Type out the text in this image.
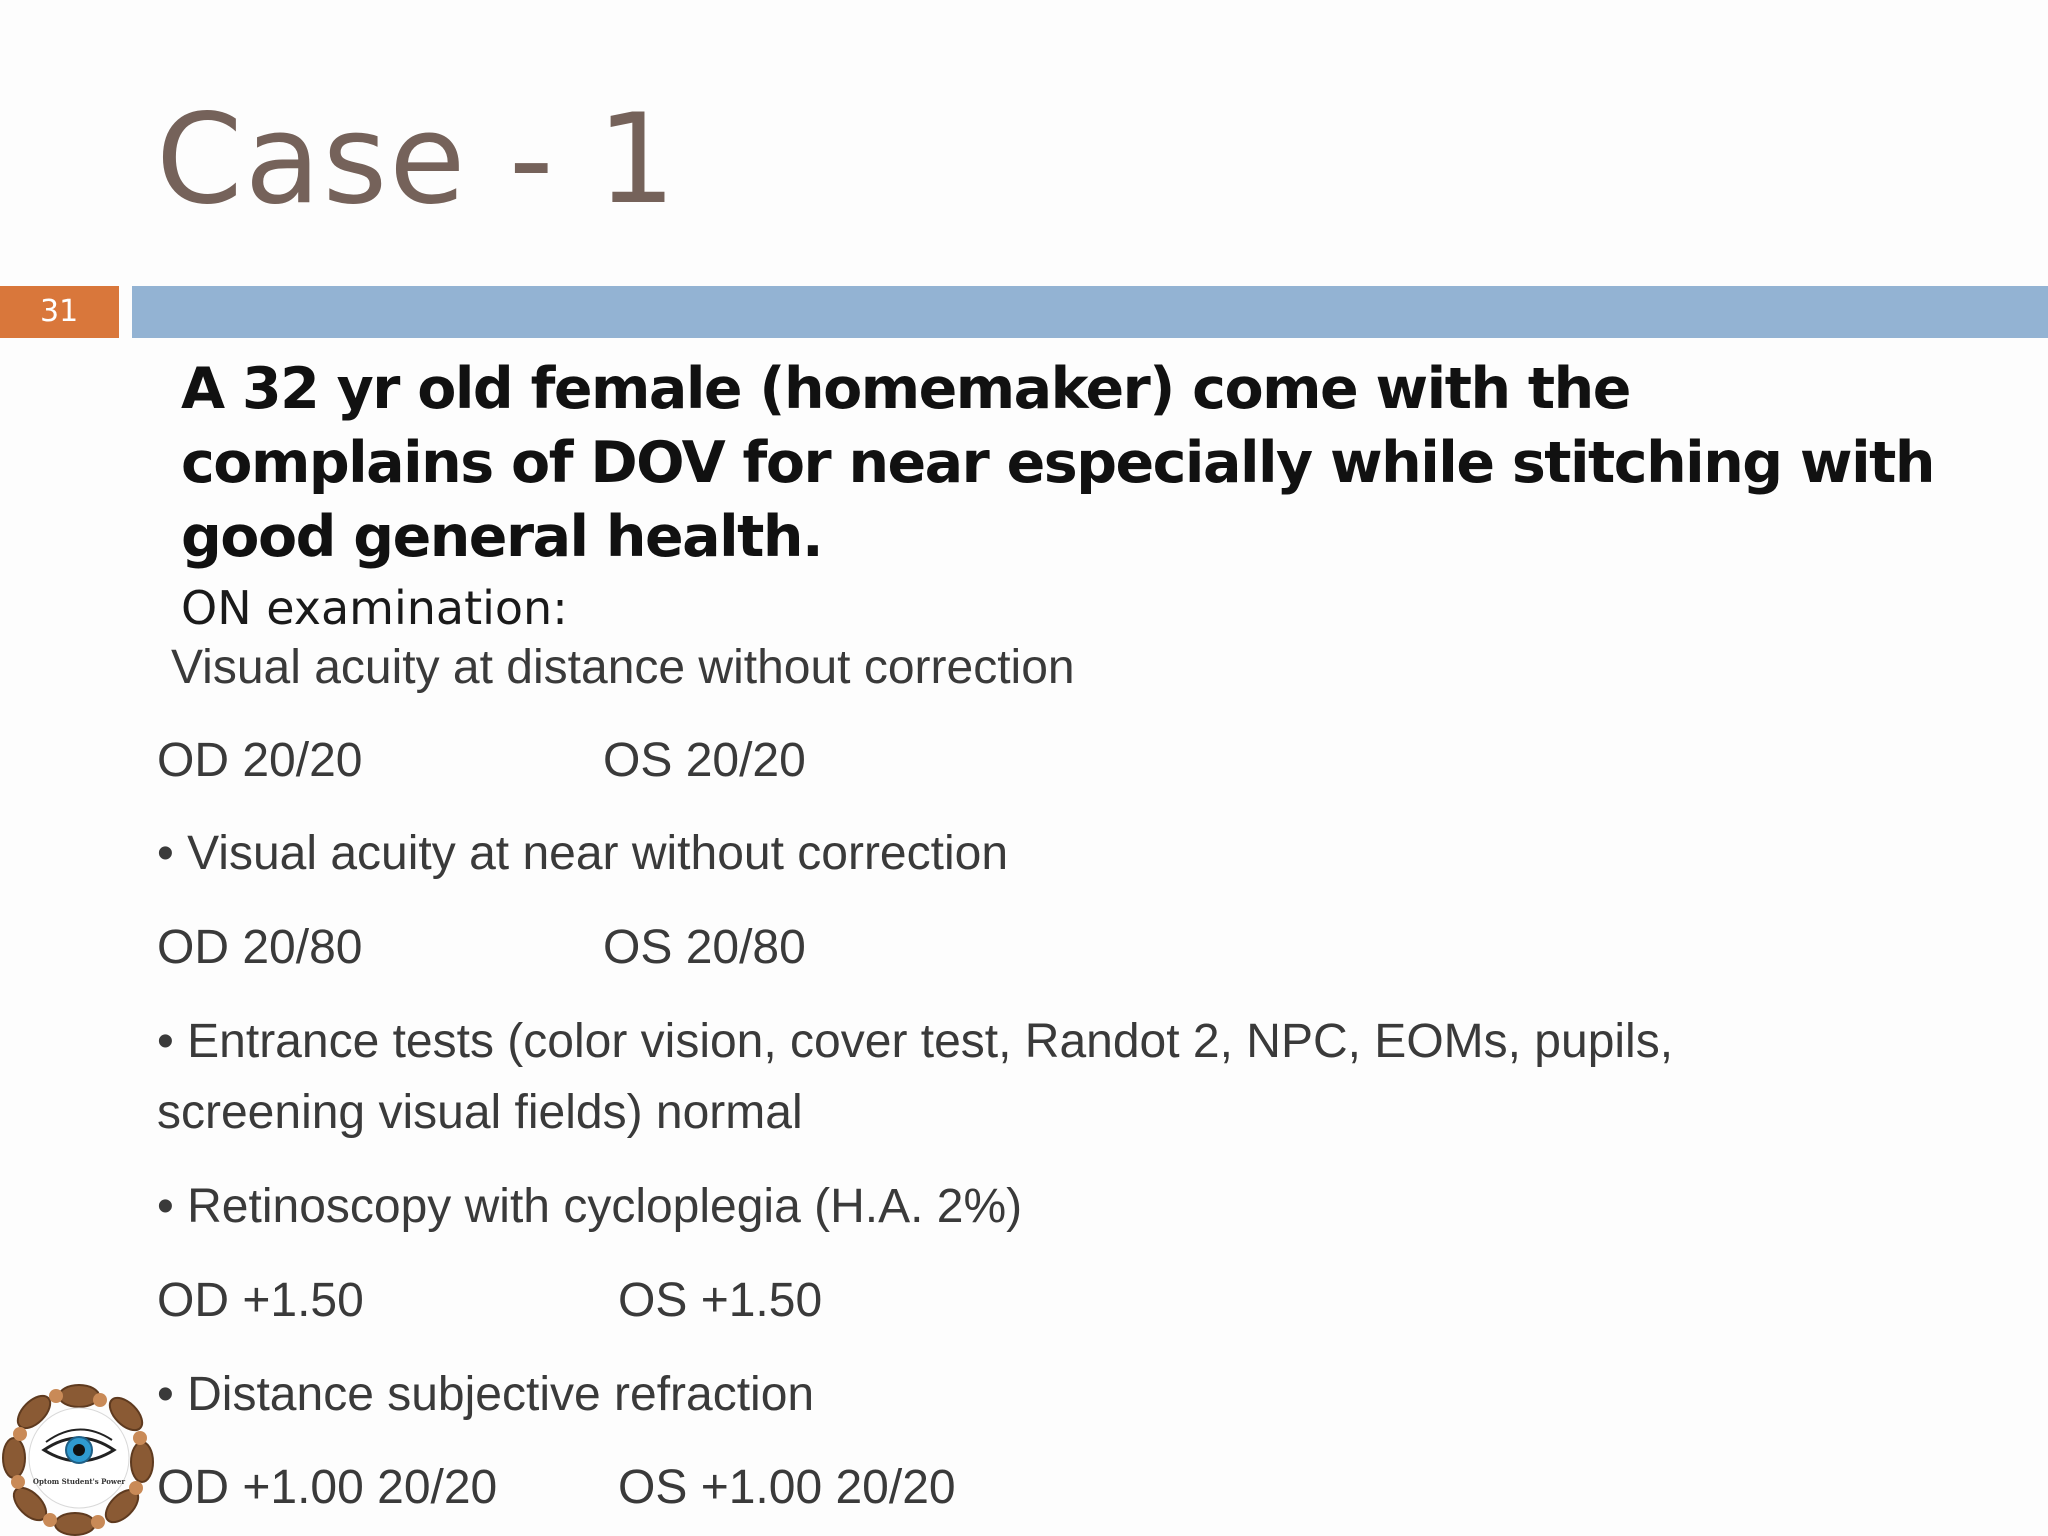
Case - 1
31
A 32 yr old female (homemaker) come with the complains of DOV for near especially while stitching with good general health.
ON examination:
Visual acuity at distance without correction
OD 20/20	OS 20/20
• Visual acuity at near without correction
OD 20/80	OS 20/80
• Entrance tests (color vision, cover test, Randot 2, NPC, EOMs, pupils,
screening visual fields) normal
• Retinoscopy with cycloplegia (H.A. 2%)
OD +1.50	OS +1.50
• Distance subjective refraction
OD +1.00 20/20	OS +1.00 20/20
Optom Student's Power
